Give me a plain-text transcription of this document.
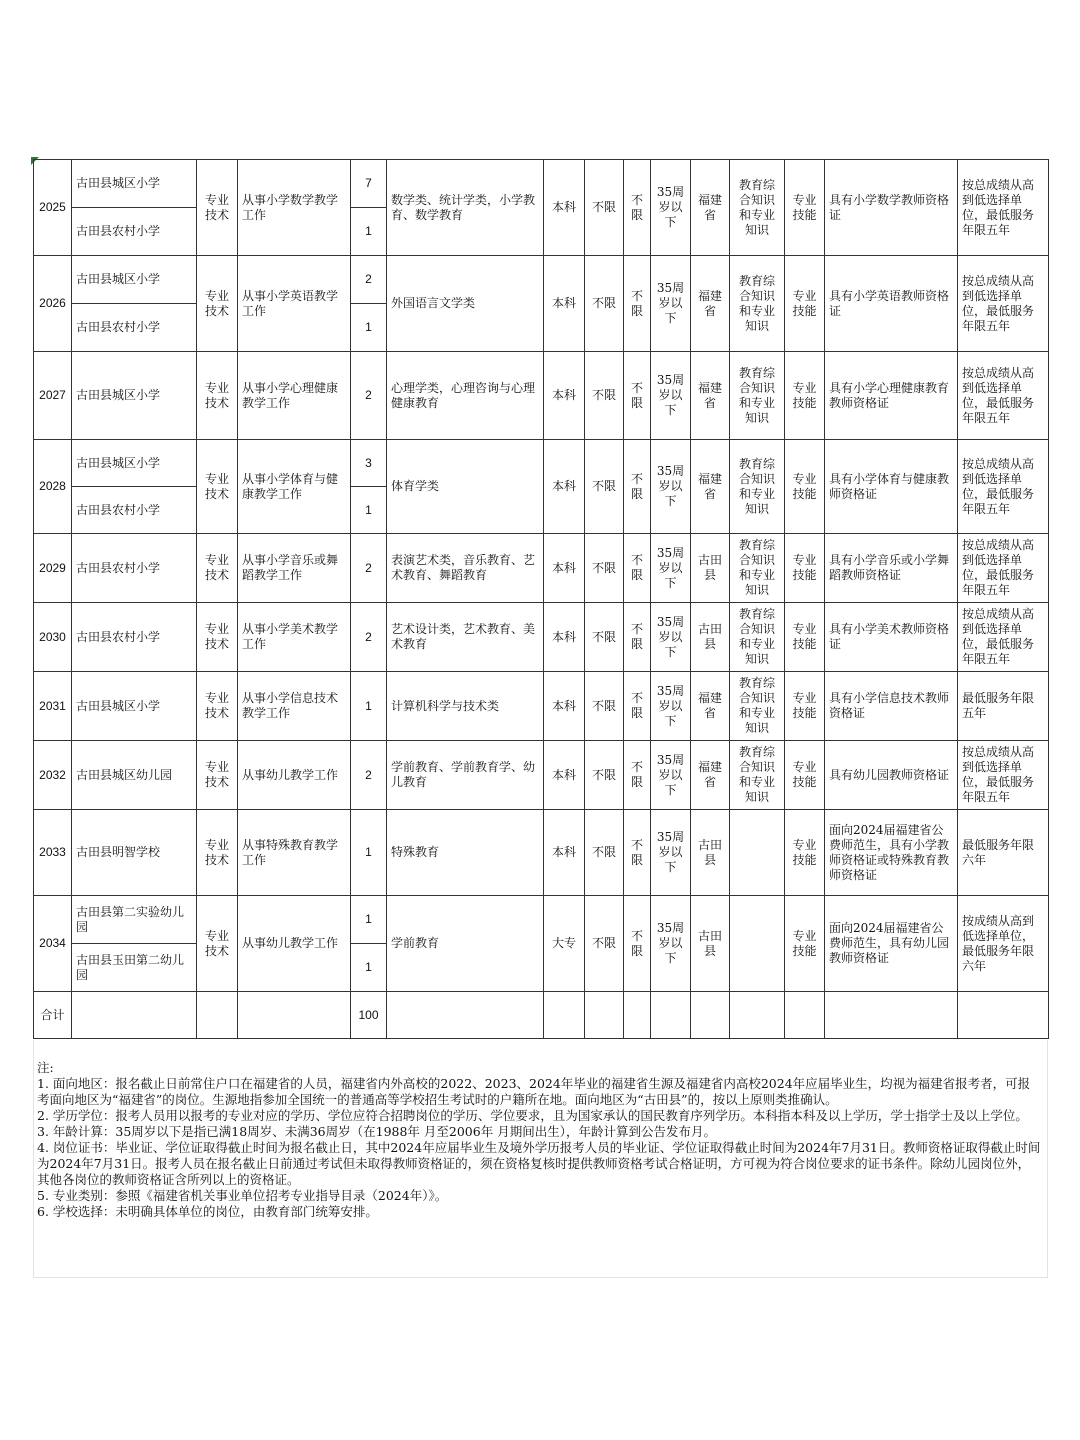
2025	古田县城区小学	专业技术	从事小学数学教学工作	7	数学类、统计学类，小学教育、数学教育	本科	不限	不限	35周岁以下	福建省	教育综合知识和专业知识	专业技能	具有小学数学教师资格证	按总成绩从高到低选择单位，最低服务年限五年
	古田县农村小学			1										
2026	古田县城区小学	专业技术	从事小学英语教学工作	2	外国语言文学类	本科	不限	不限	35周岁以下	福建省	教育综合知识和专业知识	专业技能	具有小学英语教师资格证	按总成绩从高到低选择单位，最低服务年限五年
	古田县农村小学			1										
2027	古田县城区小学	专业技术	从事小学心理健康教学工作	2	心理学类，心理咨询与心理健康教育	本科	不限	不限	35周岁以下	福建省	教育综合知识和专业知识	专业技能	具有小学心理健康教育教师资格证	按总成绩从高到低选择单位，最低服务年限五年
2028	古田县城区小学	专业技术	从事小学体育与健康教学工作	3	体育学类	本科	不限	不限	35周岁以下	福建省	教育综合知识和专业知识	专业技能	具有小学体育与健康教师资格证	按总成绩从高到低选择单位，最低服务年限五年
	古田县农村小学			1										
2029	古田县农村小学	专业技术	从事小学音乐或舞蹈教学工作	2	表演艺术类，音乐教育、艺术教育、舞蹈教育	本科	不限	不限	35周岁以下	古田县	教育综合知识和专业知识	专业技能	具有小学音乐或小学舞蹈教师资格证	按总成绩从高到低选择单位，最低服务年限五年
2030	古田县农村小学	专业技术	从事小学美术教学工作	2	艺术设计类，艺术教育、美术教育	本科	不限	不限	35周岁以下	古田县	教育综合知识和专业知识	专业技能	具有小学美术教师资格证	按总成绩从高到低选择单位，最低服务年限五年
2031	古田县城区小学	专业技术	从事小学信息技术教学工作	1	计算机科学与技术类	本科	不限	不限	35周岁以下	福建省	教育综合知识和专业知识	专业技能	具有小学信息技术教师资格证	最低服务年限五年
2032	古田县城区幼儿园	专业技术	从事幼儿教学工作	2	学前教育、学前教育学、幼儿教育	本科	不限	不限	35周岁以下	福建省	教育综合知识和专业知识	专业技能	具有幼儿园教师资格证	按总成绩从高到低选择单位，最低服务年限五年
2033	古田县明智学校	专业技术	从事特殊教育教学工作	1	特殊教育	本科	不限	不限	35周岁以下	古田县		专业技能	面向2024届福建省公费师范生，具有小学教师资格证或特殊教育教师资格证	最低服务年限六年
2034	古田县第二实验幼儿园	专业技术	从事幼儿教学工作	1	学前教育	大专	不限	不限	35周岁以下	古田县		专业技能	面向2024届福建省公费师范生，具有幼儿园教师资格证	按成绩从高到低选择单位，最低服务年限六年
	古田县玉田第二幼儿园			1										
合计				100										
注:
1. 面向地区：报名截止日前常住户口在福建省的人员，福建省内外高校的2022、2023、2024年毕业的福建省生源及福建省内高校2024年应届毕业生，均视为福建省报考者，可报考面向地区为“福建省”的岗位。生源地指参加全国统一的普通高等学校招生考试时的户籍所在地。面向地区为“古田县”的，按以上原则类推确认。
2. 学历学位：报考人员用以报考的专业对应的学历、学位应符合招聘岗位的学历、学位要求，且为国家承认的国民教育序列学历。本科指本科及以上学历，学士指学士及以上学位。
3. 年龄计算：35周岁以下是指已满18周岁、未满36周岁（在1988年 月至2006年 月期间出生），年龄计算到公告发布月。
4. 岗位证书：毕业证、学位证取得截止时间为报名截止日，其中2024年应届毕业生及境外学历报考人员的毕业证、学位证取得截止时间为2024年7月31日。教师资格证取得截止时间为2024年7月31日。报考人员在报名截止日前通过考试但未取得教师资格证的，须在资格复核时提供教师资格考试合格证明，方可视为符合岗位要求的证书条件。除幼儿园岗位外，其他各岗位的教师资格证含所列以上的资格证。
5. 专业类别：参照《福建省机关事业单位招考专业指导目录（2024年）》。
6. 学校选择：未明确具体单位的岗位，由教育部门统筹安排。
